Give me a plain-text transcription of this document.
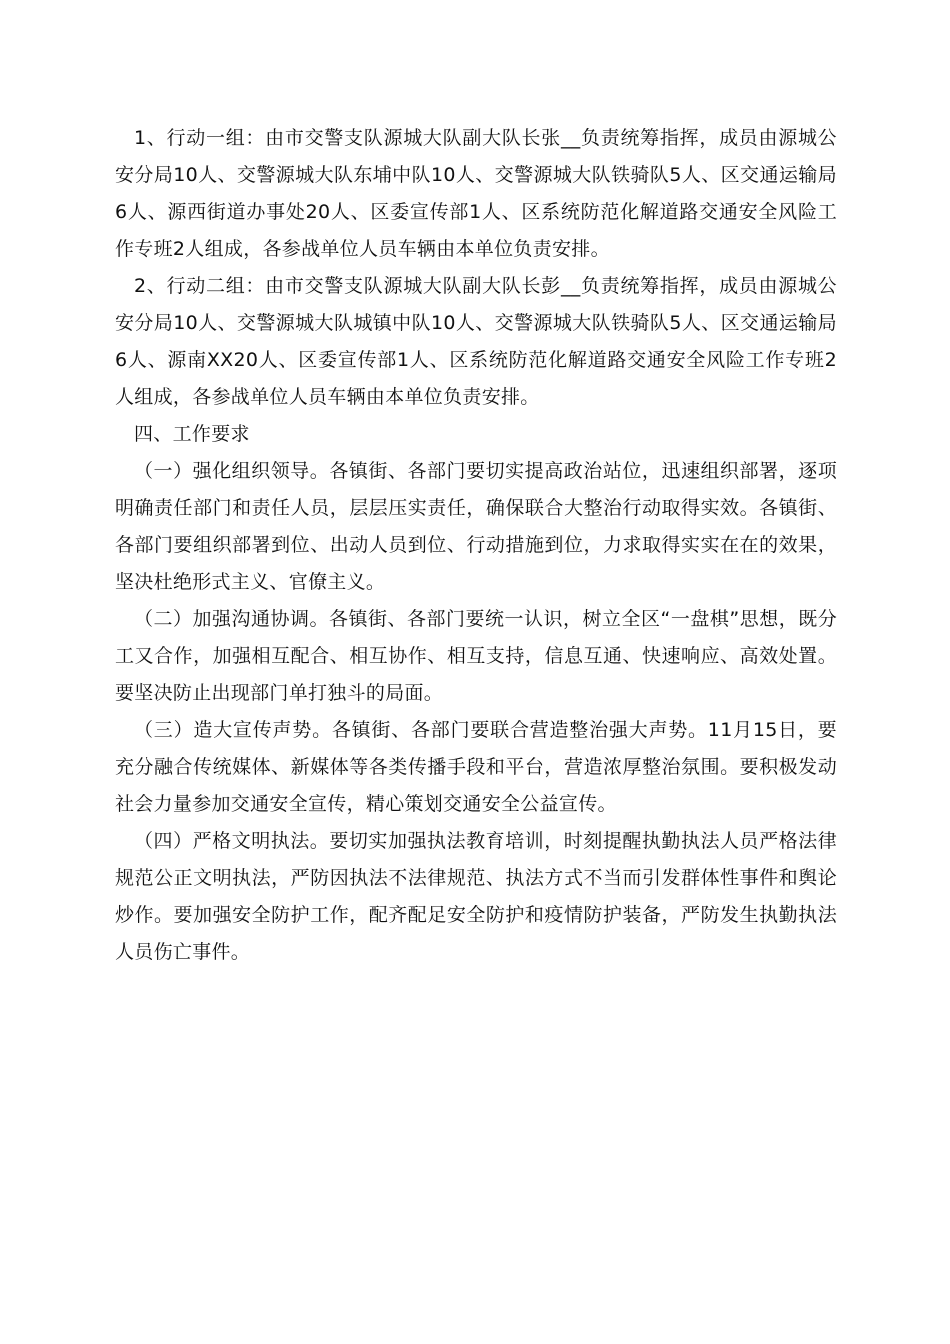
1、行动一组：由市交警支队源城大队副大队长张__负责统筹指挥，成员由源城公安分局10人、交警源城大队东埔中队10人、交警源城大队铁骑队5人、区交通运输局6人、源西街道办事处20人、区委宣传部1人、区系统防范化解道路交通安全风险工作专班2人组成，各参战单位人员车辆由本单位负责安排。

2、行动二组：由市交警支队源城大队副大队长彭__负责统筹指挥，成员由源城公安分局10人、交警源城大队城镇中队10人、交警源城大队铁骑队5人、区交通运输局6人、源南XX20人、区委宣传部1人、区系统防范化解道路交通安全风险工作专班2人组成，各参战单位人员车辆由本单位负责安排。

四、工作要求

（一）强化组织领导。各镇街、各部门要切实提高政治站位，迅速组织部署，逐项明确责任部门和责任人员，层层压实责任，确保联合大整治行动取得实效。各镇街、各部门要组织部署到位、出动人员到位、行动措施到位，力求取得实实在在的效果，坚决杜绝形式主义、官僚主义。

（二）加强沟通协调。各镇街、各部门要统一认识，树立全区“一盘棋”思想，既分工又合作，加强相互配合、相互协作、相互支持，信息互通、快速响应、高效处置。要坚决防止出现部门单打独斗的局面。

（三）造大宣传声势。各镇街、各部门要联合营造整治强大声势。11月15日，要充分融合传统媒体、新媒体等各类传播手段和平台，营造浓厚整治氛围。要积极发动社会力量参加交通安全宣传，精心策划交通安全公益宣传。

（四）严格文明执法。要切实加强执法教育培训，时刻提醒执勤执法人员严格法律规范公正文明执法，严防因执法不法律规范、执法方式不当而引发群体性事件和舆论炒作。要加强安全防护工作，配齐配足安全防护和疫情防护装备，严防发生执勤执法人员伤亡事件。
